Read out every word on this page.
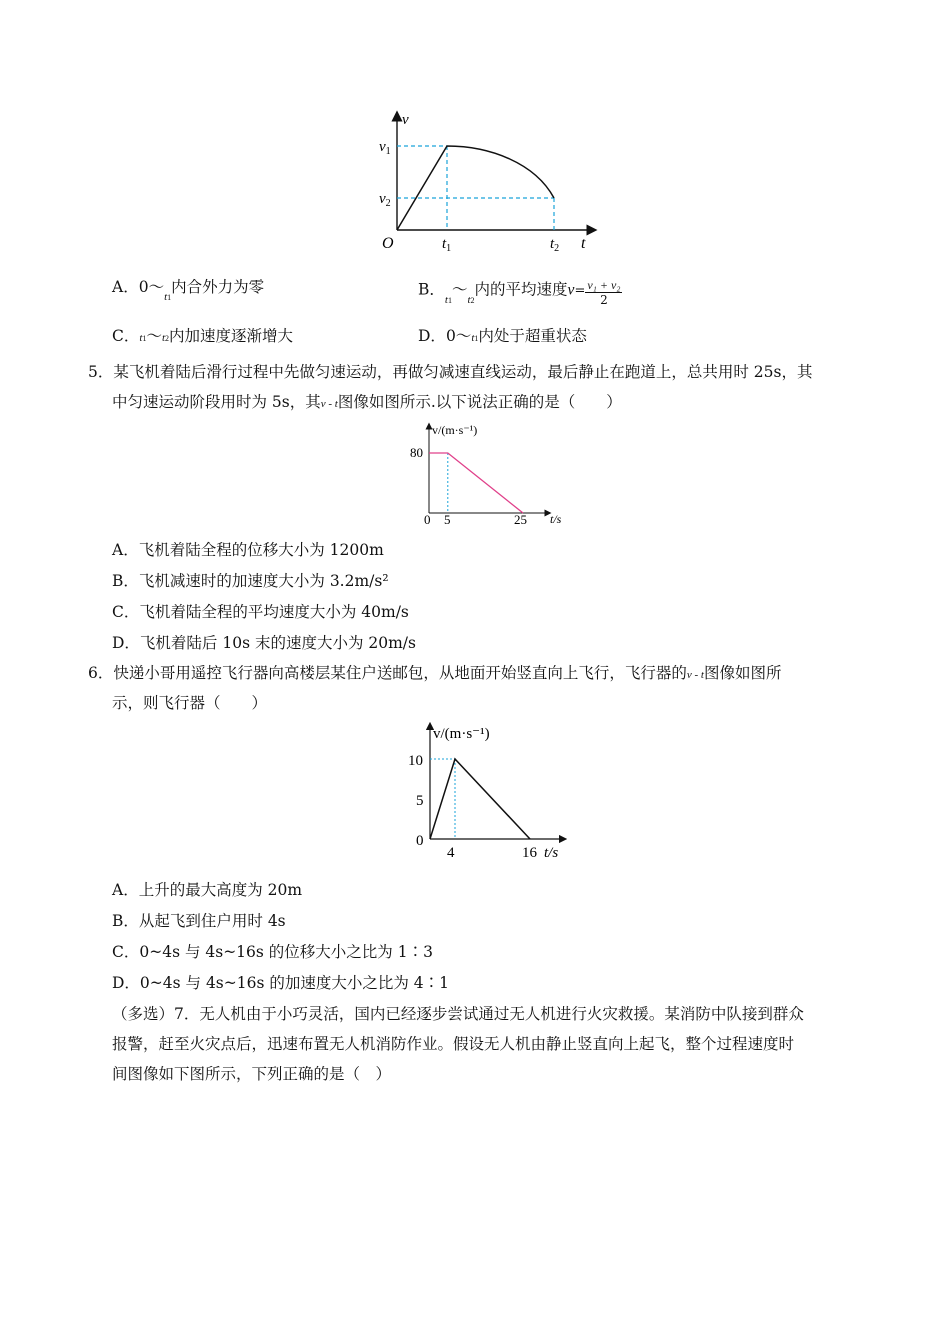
v
t
O
$v_1$
$v_2$
$t_1$	$t_2$
A．$0\sim_{t1}$内合外力为零	B．$_{t1}\sim_{t2}$内的平均速度$v= \frac{\text{v₁ + v₂}}{2}$
C．t1～t2内加速度逐渐增大	D．0～t1内处于超重状态
5．某飞机着陆后滑行过程中先做匀速运动，再做匀减速直线运动，最后静止在跑道上，总共用时 25s，其
中匀速运动阶段用时为 5s，其v - t图像如图所示.以下说法正确的是（　　）
v/(m·s⁻¹)
t/s
80
0 5	25
A．飞机着陆全程的位移大小为 1200m
B．飞机减速时的加速度大小为 3.2m/s²
C．飞机着陆全程的平均速度大小为 40m/s
D．飞机着陆后 10s 末的速度大小为 20m/s
6．快递小哥用遥控飞行器向高楼层某住户送邮包，从地面开始竖直向上飞行，飞行器的v - t图像如图所
示，则飞行器（　　）
v/(m·s⁻¹)
t/s
10
5
0
4	16
A．上升的最大高度为 20m
B．从起飞到住户用时 4s
C．0~4s 与 4s~16s 的位移大小之比为 1∶3
D．0~4s 与 4s~16s 的加速度大小之比为 4∶1
（多选）7．无人机由于小巧灵活，国内已经逐步尝试通过无人机进行火灾救援。某消防中队接到群众
报警，赶至火灾点后，迅速布置无人机消防作业。假设无人机由静止竖直向上起飞，整个过程速度时
间图像如下图所示，下列正确的是（　）
